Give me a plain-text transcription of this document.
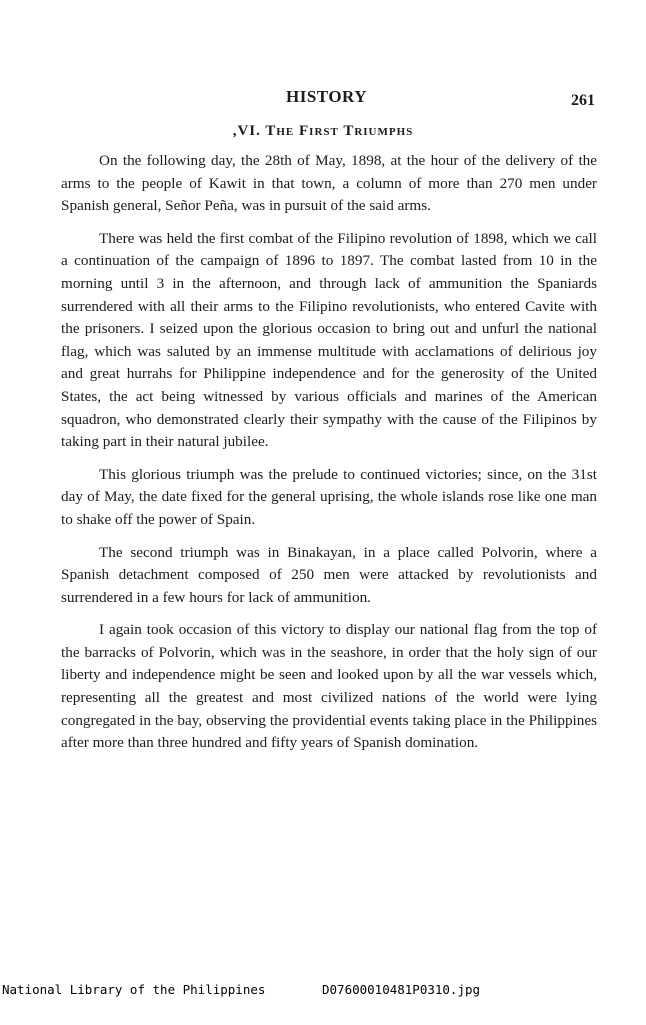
HISTORY	261
,VI. The First Triumphs

On the following day, the 28th of May, 1898, at the hour of the delivery of the arms to the people of Kawit in that town, a column of more than 270 men under Spanish general, Señor Peña, was in pursuit of the said arms.

There was held the first combat of the Filipino revolution of 1898, which we call a continuation of the campaign of 1896 to 1897. The combat lasted from 10 in the morning until 3 in the afternoon, and through lack of ammunition the Spaniards surrendered with all their arms to the Filipino revolutionists, who entered Cavite with the prisoners. I seized upon the glorious occasion to bring out and unfurl the national flag, which was saluted by an immense multitude with acclamations of delirious joy and great hurrahs for Philippine independence and for the generosity of the United States, the act being witnessed by various officials and marines of the American squadron, who demonstrated clearly their sympathy with the cause of the Filipinos by taking part in their natural jubilee.

This glorious triumph was the prelude to continued victories; since, on the 31st day of May, the date fixed for the general uprising, the whole islands rose like one man to shake off the power of Spain.

The second triumph was in Binakayan, in a place called Polvorin, where a Spanish detachment composed of 250 men were attacked by revolutionists and surrendered in a few hours for lack of ammunition.

I again took occasion of this victory to display our national flag from the top of the barracks of Polvorin, which was in the seashore, in order that the holy sign of our liberty and independence might be seen and looked upon by all the war vessels which, representing all the greatest and most civilized nations of the world were lying congregated in the bay, observing the providential events taking place in the Philippines after more than three hundred and fifty years of Spanish domination.

National Library of the Philippines

	D07600010481P0310.jpg
